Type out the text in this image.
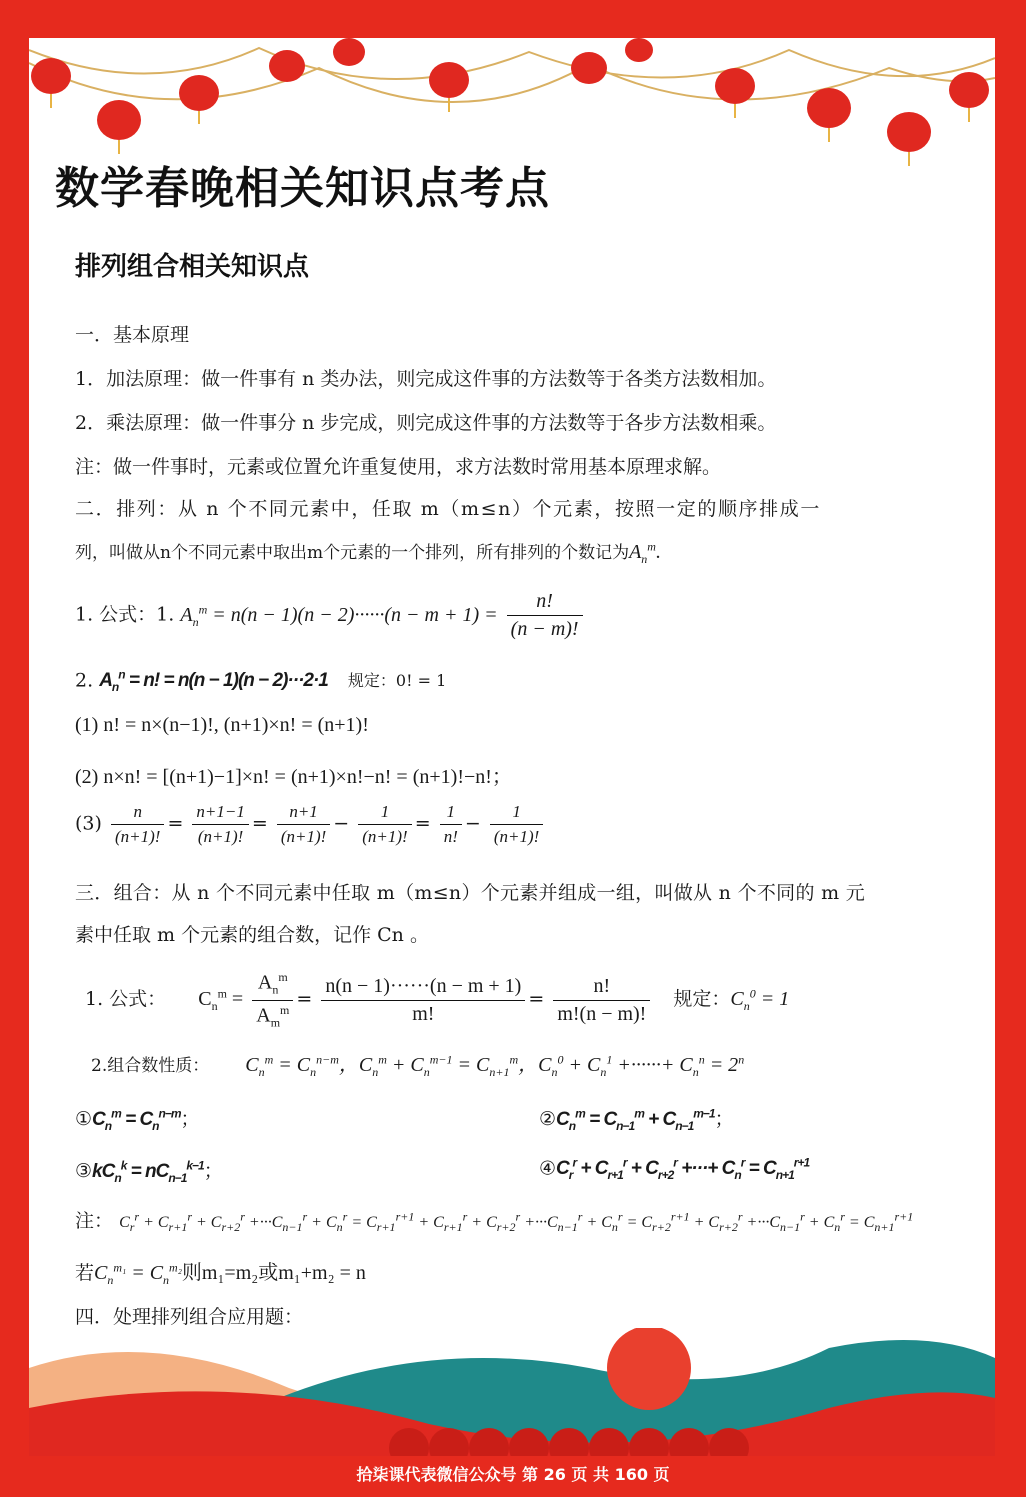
数学春晚相关知识点考点
排列组合相关知识点
一．基本原理
1．加法原理：做一件事有 n 类办法，则完成这件事的方法数等于各类方法数相加。
2．乘法原理：做一件事分 n 步完成，则完成这件事的方法数等于各步方法数相乘。
注：做一件事时，元素或位置允许重复使用，求方法数时常用基本原理求解。
二．排列：从 n 个不同元素中，任取 m（m≤n）个元素，按照一定的顺序排成一
列，叫做从n个不同元素中取出m个元素的一个排列，所有排列的个数记为$A_n^m$.
1. 公式：1. $A_n^m = n(n - 1)(n - 2)\cdot\cdot\cdot\cdot\cdot\cdot(n - m + 1) = \frac{n!}{(n - m)!}$
2. $A_n^n = n$! = n(n − 1)(n − 2)···2·1 规定：0! = 1
(1) n! = n×(n−1)!, (n+1)×n! = (n+1)!
(2) n×n! = [(n+1)−1]×n! = (n+1)×n!−n! = (n+1)!−n!；
$(3) \frac{n}{(n+1)!} = \frac{n+1-1}{(n+1)!} = \frac{n+1}{(n+1)!} - \frac{1}{(n+1)!} = \frac{1}{n!} - \frac{1}{(n+1)!}$
三．组合：从 n 个不同元素中任取 m（m≤n）个元素并组成一组，叫做从 n 个不同的 m 元
素中任取 m 个元素的组合数，记作 Cn 。
1. 公式： $C_n^m = \frac{A_n^m}{A_m^m} = \frac{n(n - 1)\cdot\cdot\cdot\cdot\cdot\cdot(n - m + 1)}{m!} = \frac{n!}{m!(n - m)!}$ 规定：$C_n^0 = 1$
2.组合数性质： $C_n^m = C_n^{n-m}$，$C_n^m + C_n^{m-1} = C_{n+1}^m$，$C_n^0 + C_n^1$ +······+ $C_n^n = 2^n$
$①C_n^m = C_n^{n-m}$；	$②C_n^m = C_{n-1}^m + C_{n-1}^{m-1}$；
$③kC_n^k = nC_{n-1}^{k-1}$；	$④C_r^r + C_{r+1}^r + C_{r+2}^r$ +···+ $C_n^r = C_{n+1}^{r+1}$
注： $C_r^r + C_{r+1}^r + C_{r+2}^r +\cdot\cdot\cdot C_{n-1}^r + C_n^r = C_{r+1}^{r+1} + C_{r+1}^r + C_{r+2}^r +\cdot\cdot\cdot C_{n-1}^r + C_n^r = C_{r+2}^{r+1} + C_{r+2}^r +\cdot\cdot\cdot C_{n-1}^r + C_n^r = C_{n+1}^{r+1}$
若$C_n^{m_1} = C_n^{m_2}$则m₁=m₂或m₁+m₂ = n
四．处理排列组合应用题：
拾柒课代表微信公众号 第 26 页 共 160 页
